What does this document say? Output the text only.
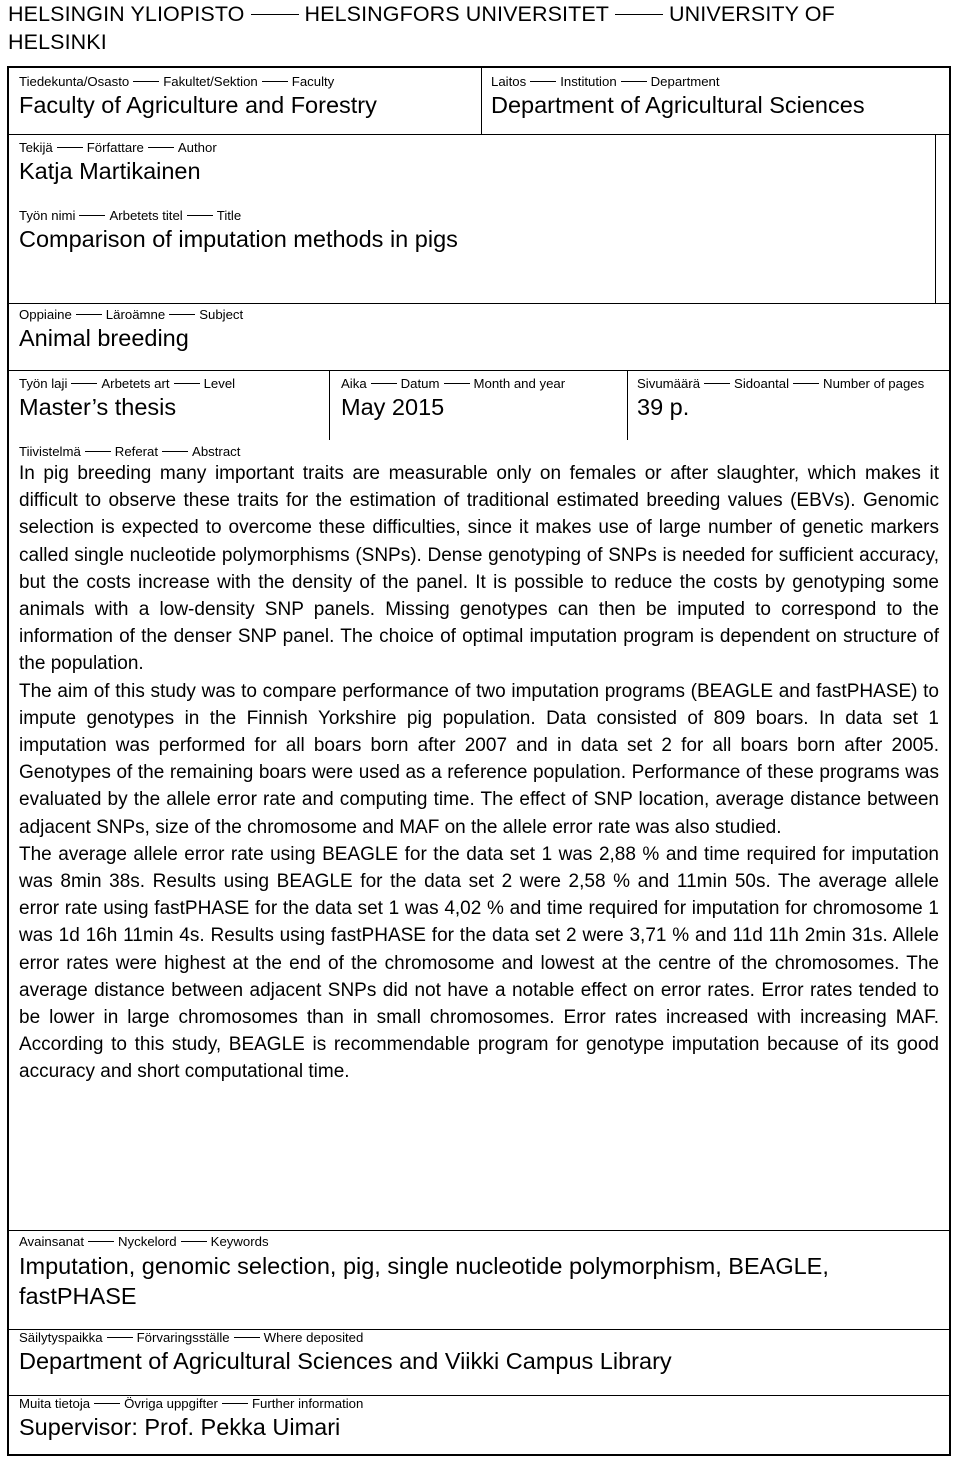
HELSINGIN YLIOPISTO	HELSINGFORS UNIVERSITET	UNIVERSITY OF HELSINKI
Tiedekunta/Osasto	Fakultet/Sektion	Faculty
Faculty of Agriculture and Forestry
Laitos	Institution	Department
Department of Agricultural Sciences
Tekijä	Författare	Author
Katja Martikainen
Työn nimi	Arbetets titel	Title
Comparison of imputation methods in pigs
Oppiaine	Läroämne	Subject
Animal breeding
Työn laji	Arbetets art	Level
Master’s thesis
Aika	Datum	Month and year
May 2015
Sivumäärä	Sidoantal	Number of pages
39 p.
Tiivistelmä	Referat	Abstract

In pig breeding many important traits are measurable only on females or after slaughter, which makes it difficult to observe these traits for the estimation of traditional estimated breeding values (EBVs). Genomic selection is expected to overcome these difficulties, since it makes use of large number of genetic markers called single nucleotide polymorphisms (SNPs). Dense genotyping of SNPs is needed for sufficient accuracy, but the costs increase with the density of the panel. It is possible to reduce the costs by genotyping some animals with a low-density SNP panels. Missing genotypes can then be imputed to correspond to the information of the denser SNP panel. The choice of optimal imputation program is dependent on structure of the population.

The aim of this study was to compare performance of two imputation programs (BEAGLE and fastPHASE) to impute genotypes in the Finnish Yorkshire pig population. Data consisted of 809 boars. In data set 1 imputation was performed for all boars born after 2007 and in data set 2 for all boars born after 2005. Genotypes of the remaining boars were used as a reference population. Performance of these programs was evaluated by the allele error rate and computing time. The effect of SNP location, average distance between adjacent SNPs, size of the chromosome and MAF on the allele error rate was also studied.

The average allele error rate using BEAGLE for the data set 1 was 2,88 % and time required for imputation was 8min 38s. Results using BEAGLE for the data set 2 were 2,58 % and 11min 50s. The average allele error rate using fastPHASE for the data set 1 was 4,02 % and time required for imputation for chromosome 1 was 1d 16h 11min 4s. Results using fastPHASE for the data set 2 were 3,71 % and 11d 11h 2min 31s. Allele error rates were highest at the end of the chromosome and lowest at the centre of the chromosomes. The average distance between adjacent SNPs did not have a notable effect on error rates. Error rates tended to be lower in large chromosomes than in small chromosomes. Error rates increased with increasing MAF. According to this study, BEAGLE is recommendable program for genotype imputation because of its good accuracy and short computational time.

Avainsanat	Nyckelord	Keywords
Imputation, genomic selection, pig, single nucleotide polymorphism, BEAGLE, fastPHASE
Säilytyspaikka	Förvaringsställe	Where deposited
Department of Agricultural Sciences and Viikki Campus Library
Muita tietoja	Övriga uppgifter	Further information
Supervisor: Prof. Pekka Uimari
